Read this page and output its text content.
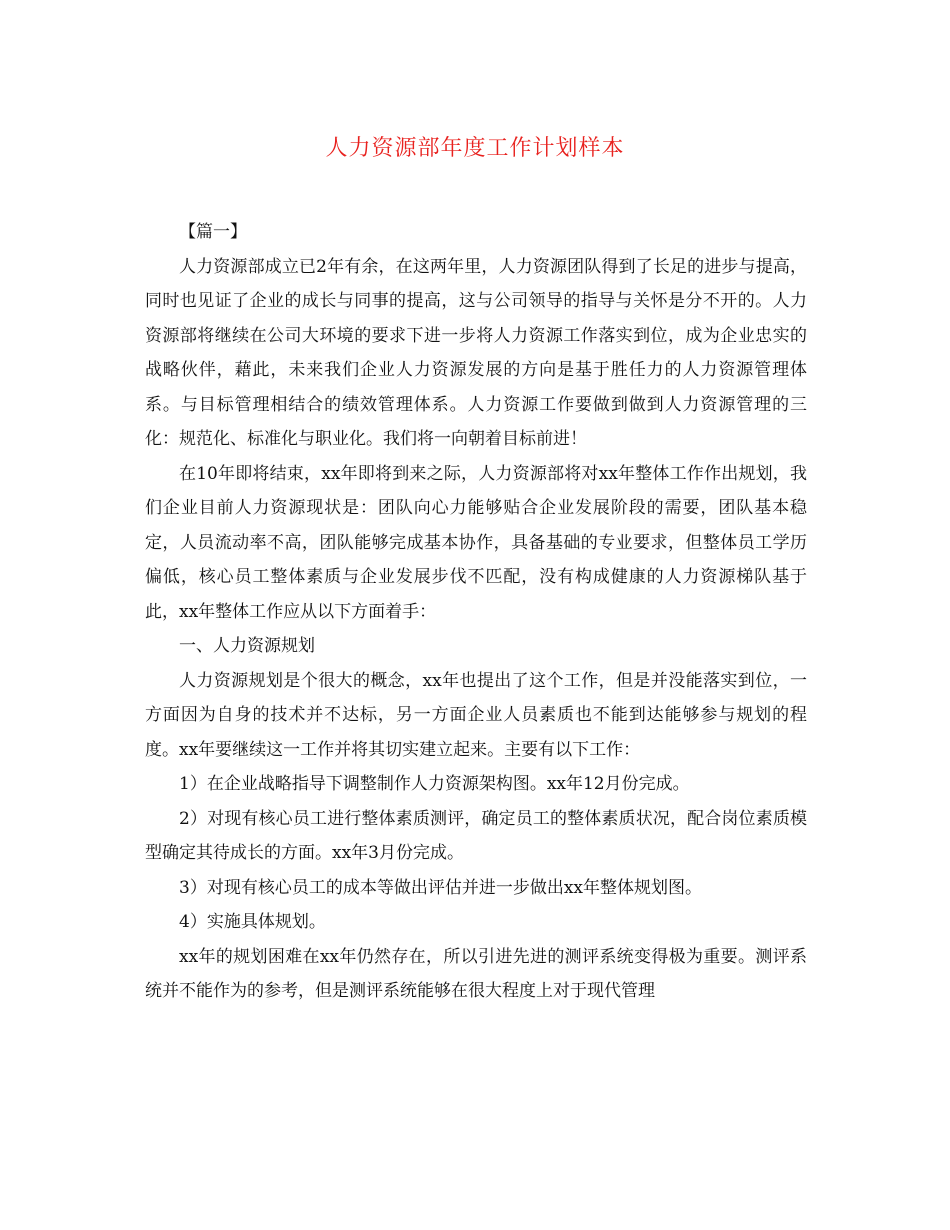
人力资源部年度工作计划样本

【篇一】

人力资源部成立已2年有余，在这两年里，人力资源团队得到了长足的进步与提高，同时也见证了企业的成长与同事的提高，这与公司领导的指导与关怀是分不开的。人力资源部将继续在公司大环境的要求下进一步将人力资源工作落实到位，成为企业忠实的战略伙伴，藉此，未来我们企业人力资源发展的方向是基于胜任力的人力资源管理体系。与目标管理相结合的绩效管理体系。人力资源工作要做到做到人力资源管理的三化：规范化、标准化与职业化。我们将一向朝着目标前进！

在10年即将结束，xx年即将到来之际，人力资源部将对xx年整体工作作出规划，我们企业目前人力资源现状是：团队向心力能够贴合企业发展阶段的需要，团队基本稳定，人员流动率不高，团队能够完成基本协作，具备基础的专业要求，但整体员工学历偏低，核心员工整体素质与企业发展步伐不匹配，没有构成健康的人力资源梯队基于此，xx年整体工作应从以下方面着手：

一、人力资源规划

人力资源规划是个很大的概念，xx年也提出了这个工作，但是并没能落实到位，一方面因为自身的技术并不达标，另一方面企业人员素质也不能到达能够参与规划的程度。xx年要继续这一工作并将其切实建立起来。主要有以下工作：

1）在企业战略指导下调整制作人力资源架构图。xx年12月份完成。

2）对现有核心员工进行整体素质测评，确定员工的整体素质状况，配合岗位素质模型确定其待成长的方面。xx年3月份完成。

3）对现有核心员工的成本等做出评估并进一步做出xx年整体规划图。

4）实施具体规划。

xx年的规划困难在xx年仍然存在，所以引进先进的测评系统变得极为重要。测评系统并不能作为的参考，但是测评系统能够在很大程度上对于现代管理
